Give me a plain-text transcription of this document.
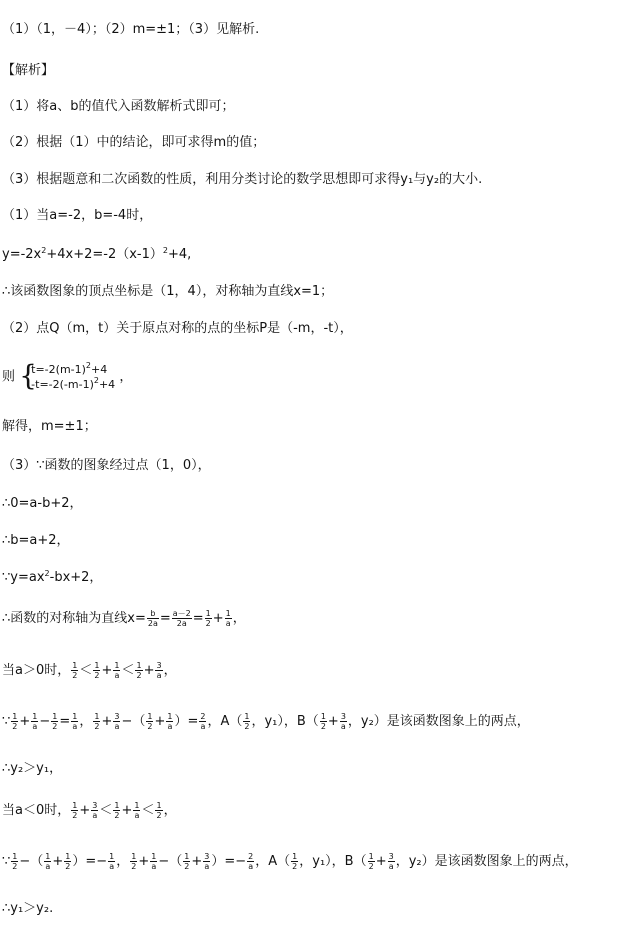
（1）（1，－4）；（2）m=±1；（3）见解析.
【解析】
（1）将a、b的值代入函数解析式即可；
（2）根据（1）中的结论，即可求得m的值；
（3）根据题意和二次函数的性质，利用分类讨论的数学思想即可求得y₁与y₂的大小.
（1）当a=-2，b=-4时，
$y=-2x^2+4x+2=-2(x-1)^2+4$,
∴该函数图象的顶点坐标是（1，4），对称轴为直线x=1；
（2）点Q（m，t）关于原点对称的点的坐标P是（-m，-t），
则 {
$t=-2(m-1)^2+4$
$-t=-2(-m-1)^2+4$ ，
解得，m=±1；
（3）∵函数的图象经过点（1，0），
∴0=a-b+2，
∴b=a+2，
$\because y=ax^2-bx+2$，
∴函数的对称轴为直线$x= \frac{b}{2a} = \frac{a-2}{2a} = \frac{1}{2} + \frac{1}{a}$ ，
当a＞0时， $\frac{1}{2} < \frac{1}{2} + \frac{1}{a} < \frac{1}{2} + \frac{3}{a}$ ，
∵ $\frac{1}{2} + \frac{1}{a} - \frac{1}{2} = \frac{1}{a}$ ， $\frac{1}{2} + \frac{3}{a}$ −（ $\frac{1}{2} + \frac{1}{a}$ ）= $\frac{2}{a}$ ，$A( \frac{1}{2}$ ，y₁），$B( \frac{1}{2} + \frac{3}{a}$ ，y₂）是该函数图象上的两点，
∴y₂＞y₁，
当a＜0时， $\frac{1}{2} + \frac{3}{a} < \frac{1}{2} + \frac{1}{a} < \frac{1}{2}$ ，
∵ $\frac{1}{2}$ −（ $\frac{1}{a} + \frac{1}{2}$ ）=− $\frac{1}{a}$ ， $\frac{1}{2} + \frac{1}{a}$ −（ $\frac{1}{2} + \frac{3}{a}$ ）=− $\frac{2}{a}$ ，$A( \frac{1}{2}$ ，y₁），$B( \frac{1}{2} + \frac{3}{a}$ ，y₂）是该函数图象上的两点，
∴y₁＞y₂.
